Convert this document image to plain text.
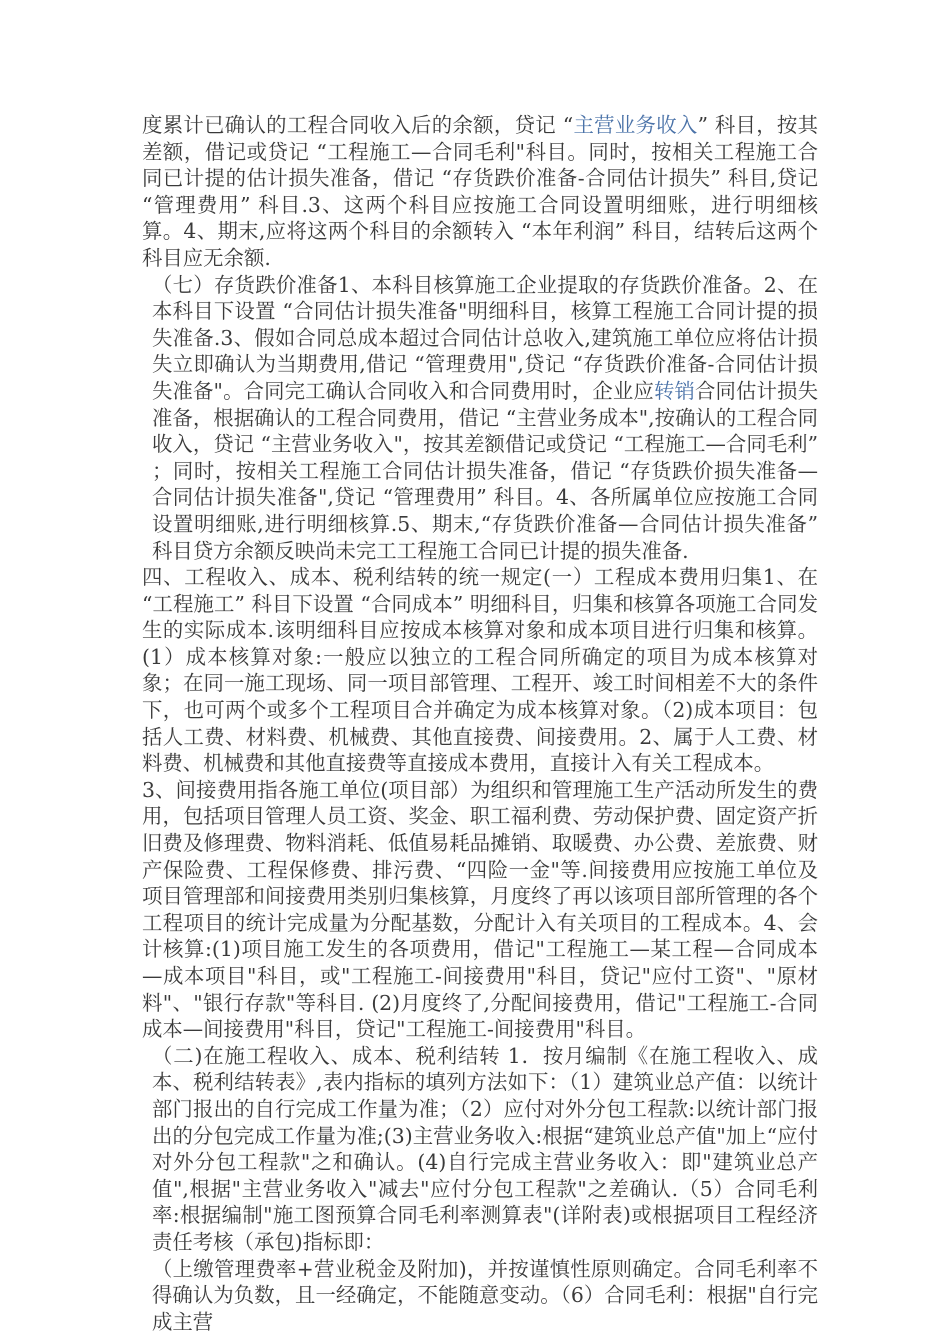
度累计已确认的工程合同收入后的余额，贷记 “主营业务收入” 科目，按其差额，借记或贷记 “工程施工—合同毛利"科目。同时，按相关工程施工合同已计提的估计损失准备，借记 “存货跌价准备-合同估计损失” 科目,贷记 “管理费用” 科目.3、这两个科目应按施工合同设置明细账，进行明细核算。4、期末,应将这两个科目的余额转入 “本年利润” 科目，结转后这两个科目应无余额.

（七）存货跌价准备1、本科目核算施工企业提取的存货跌价准备。2、在本科目下设置 “合同估计损失准备"明细科目，核算工程施工合同计提的损失准备.3、假如合同总成本超过合同估计总收入,建筑施工单位应将估计损失立即确认为当期费用,借记 “管理费用",贷记 “存货跌价准备-合同估计损失准备"。合同完工确认合同收入和合同费用时，企业应转销合同估计损失准备，根据确认的工程合同费用，借记 “主营业务成本",按确认的工程合同收入，贷记 “主营业务收入"，按其差额借记或贷记 “工程施工—合同毛利” ；同时，按相关工程施工合同估计损失准备，借记 “存货跌价损失准备—合同估计损失准备",贷记 “管理费用” 科目。4、各所属单位应按施工合同设置明细账,进行明细核算.5、期末,“存货跌价准备—合同估计损失准备” 科目贷方余额反映尚未完工工程施工合同已计提的损失准备.

四、工程收入、成本、税利结转的统一规定(一）工程成本费用归集1、在 “工程施工” 科目下设置 “合同成本” 明细科目，归集和核算各项施工合同发生的实际成本.该明细科目应按成本核算对象和成本项目进行归集和核算。(1）成本核算对象:一般应以独立的工程合同所确定的项目为成本核算对象；在同一施工现场、同一项目部管理、工程开、竣工时间相差不大的条件下，也可两个或多个工程项目合并确定为成本核算对象。（2)成本项目：包括人工费、材料费、机械费、其他直接费、间接费用。2、属于人工费、材料费、机械费和其他直接费等直接成本费用，直接计入有关工程成本。

3、间接费用指各施工单位(项目部）为组织和管理施工生产活动所发生的费用，包括项目管理人员工资、奖金、职工福利费、劳动保护费、固定资产折旧费及修理费、物料消耗、低值易耗品摊销、取暖费、办公费、差旅费、财产保险费、工程保修费、排污费、“四险一金"等.间接费用应按施工单位及项目管理部和间接费用类别归集核算，月度终了再以该项目部所管理的各个工程项目的统计完成量为分配基数，分配计入有关项目的工程成本。4、会计核算:(1)项目施工发生的各项费用，借记"工程施工—某工程—合同成本—成本项目"科目，或"工程施工-间接费用"科目，贷记"应付工资"、"原材料"、"银行存款"等科目. (2)月度终了,分配间接费用，借记"工程施工-合同成本—间接费用"科目，贷记"工程施工-间接费用"科目。

（二)在施工程收入、成本、税利结转 1．按月编制《在施工程收入、成本、税利结转表》,表内指标的填列方法如下：（1）建筑业总产值：以统计部门报出的自行完成工作量为准；（2）应付对外分包工程款:以统计部门报出的分包完成工作量为准;(3)主营业务收入:根据“建筑业总产值"加上“应付对外分包工程款"之和确认。(4)自行完成主营业务收入：即"建筑业总产值",根据"主营业务收入"减去"应付分包工程款"之差确认.（5）合同毛利率:根据编制"施工图预算合同毛利率测算表"(详附表)或根据项目工程经济责任考核（承包)指标即：

（上缴管理费率+营业税金及附加)，并按谨慎性原则确定。合同毛利率不得确认为负数，且一经确定，不能随意变动。（6）合同毛利：根据"自行完成主营
